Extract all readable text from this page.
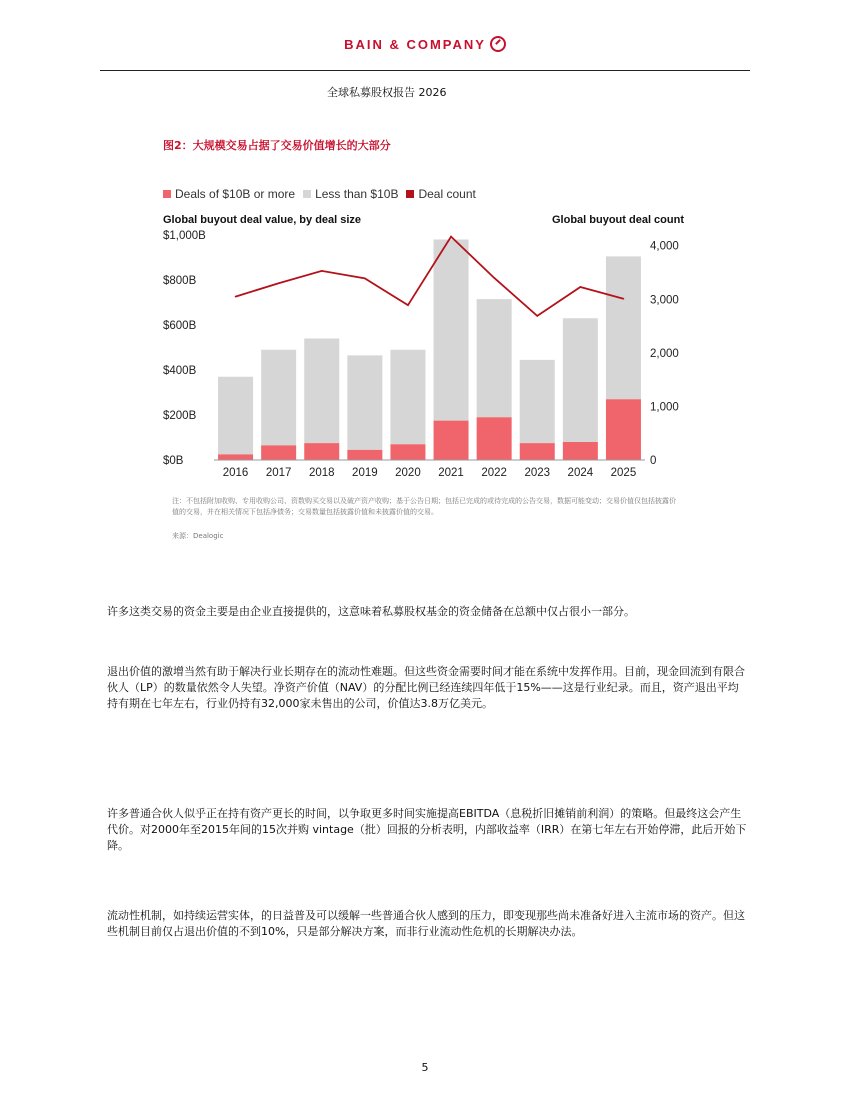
BAIN & COMPANY
全球私募股权报告 2026
图2：大规模交易占据了交易价值增长的大部分
Deals of $10B or more Less than $10B Deal count
Global buyout deal value, by deal size	Global buyout deal count
$0B
$200B
$400B
$600B
$800B
$1,000B
0
1,000
2,000
3,000
4,000
2016 2017 2018 2019 2020 2021 2022 2023 2024 2025
注：不包括附加收购、专用收购公司、资数购买交易以及破产资产收购；基于公告日期；包括已完成的或待完成的公告交易，数据可能变动；交易价值仅包括披露价值的交易，并在相关情况下包括净债务；交易数量包括披露价值和未披露价值的交易。
来源：Dealogic
许多这类交易的资金主要是由企业直接提供的，这意味着私募股权基金的资金储备在总额中仅占很小一部分。
退出价值的激增当然有助于解决行业长期存在的流动性难题。但这些资金需要时间才能在系统中发挥作用。目前，现金回流到有限合伙人（LP）的数量依然令人失望。净资产价值（NAV）的分配比例已经连续四年低于15%——这是行业纪录。而且，资产退出平均持有期在七年左右，行业仍持有32,000家未售出的公司，价值达3.8万亿美元。
许多普通合伙人似乎正在持有资产更长的时间，以争取更多时间实施提高EBITDA（息税折旧摊销前利润）的策略。但最终这会产生代价。对2000年至2015年间的15次并购 vintage（批）回报的分析表明，内部收益率（IRR）在第七年左右开始停滞，此后开始下降。
流动性机制，如持续运营实体，的日益普及可以缓解一些普通合伙人感到的压力，即变现那些尚未准备好进入主流市场的资产。但这些机制目前仅占退出价值的不到10%，只是部分解决方案，而非行业流动性危机的长期解决办法。
5
